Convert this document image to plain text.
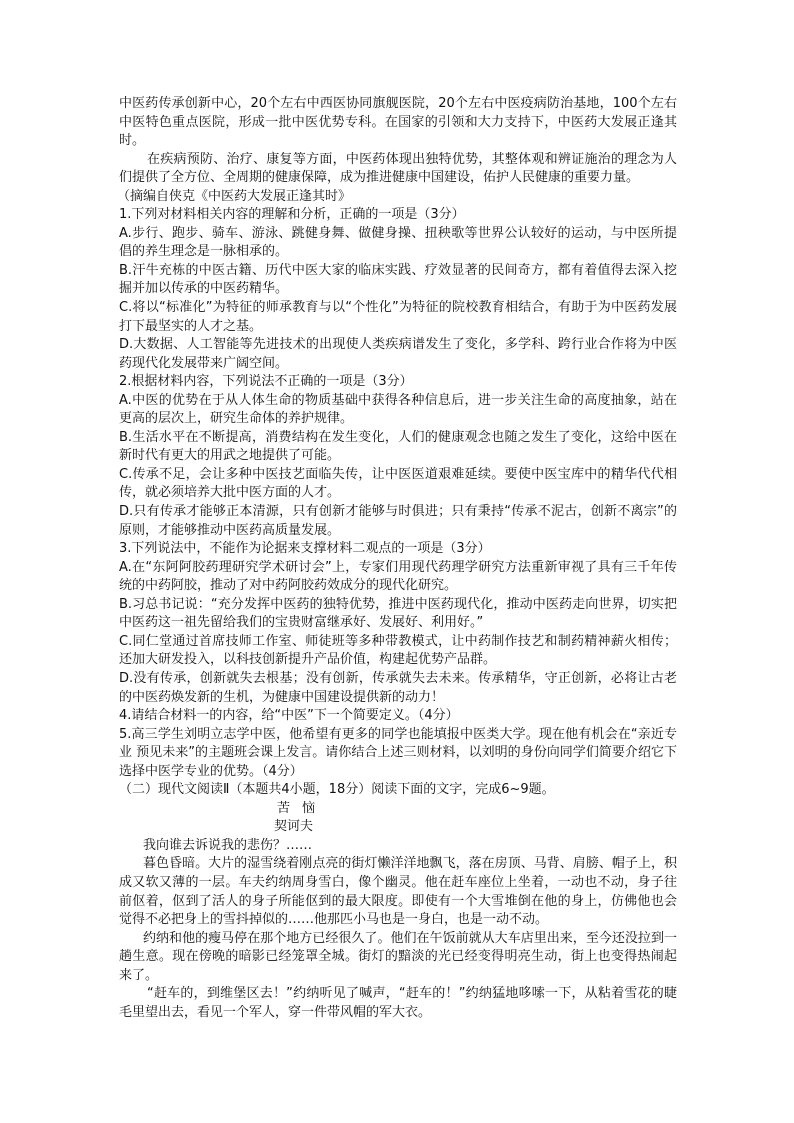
中医药传承创新中心，20个左右中西医协同旗舰医院，20个左右中医疫病防治基地，100个左右中医特色重点医院，形成一批中医优势专科。在国家的引领和大力支持下，中医药大发展正逢其时。

在疾病预防、治疗、康复等方面，中医药体现出独特优势，其整体观和辨证施治的理念为人们提供了全方位、全周期的健康保障，成为推进健康中国建设，佑护人民健康的重要力量。

（摘编自侠克《中医药大发展正逢其时》

1.下列对材料相关内容的理解和分析，正确的一项是（3分）

A.步行、跑步、骑车、游泳、跳健身舞、做健身操、扭秧歌等世界公认较好的运动，与中医所提倡的养生理念是一脉相承的。

B.汗牛充栋的中医古籍、历代中医大家的临床实践、疗效显著的民间奇方，都有着值得去深入挖掘并加以传承的中医药精华。

C.将以“标准化”为特征的师承教育与以“个性化”为特征的院校教育相结合，有助于为中医药发展打下最坚实的人才之基。

D.大数据、人工智能等先进技术的出现使人类疾病谱发生了变化，多学科、跨行业合作将为中医药现代化发展带来广阔空间。

2.根据材料内容，下列说法不正确的一项是（3分）

A.中医的优势在于从人体生命的物质基础中获得各种信息后，进一步关注生命的高度抽象，站在更高的层次上，研究生命体的养护规律。

B.生活水平在不断提高，消费结构在发生变化，人们的健康观念也随之发生了变化，这给中医在新时代有更大的用武之地提供了可能。

C.传承不足，会让多种中医技艺面临失传，让中医医道艰难延续。要使中医宝库中的精华代代相传，就必须培养大批中医方面的人才。

D.只有传承才能够正本清源，只有创新才能够与时俱进；只有秉持“传承不泥古，创新不离宗”的原则，才能够推动中医药高质量发展。

3.下列说法中，不能作为论据来支撑材料二观点的一项是（3分）

A.在“东阿阿胶药理研究学术研讨会”上，专家们用现代药理学研究方法重新审视了具有三千年传统的中药阿胶，推动了对中药阿胶药效成分的现代化研究。

B.习总书记说：“充分发挥中医药的独特优势，推进中医药现代化，推动中医药走向世界，切实把中医药这一祖先留给我们的宝贵财富继承好、发展好、利用好。”

C.同仁堂通过首席技师工作室、师徒班等多种带教模式，让中药制作技艺和制药精神薪火相传；还加大研发投入，以科技创新提升产品价值，构建起优势产品群。

D.没有传承，创新就失去根基；没有创新，传承就失去未来。传承精华，守正创新，必将让古老的中医药焕发新的生机，为健康中国建设提供新的动力！

4.请结合材料一的内容，给“中医”下一个简要定义。（4分）

5.高三学生刘明立志学中医，他希望有更多的同学也能填报中医类大学。现在他有机会在“亲近专业 预见未来”的主题班会课上发言。请你结合上述三则材料，以刘明的身份向同学们简要介绍它下选择中医学专业的优势。（4分）

（二）现代文阅读Ⅱ（本题共4小题，18分）阅读下面的文字，完成6~9题。

苦恼

契诃夫

我向谁去诉说我的悲伤？……

暮色昏暗。大片的湿雪绕着刚点亮的街灯懒洋洋地飘飞，落在房顶、马背、肩膀、帽子上，积成又软又薄的一层。车夫约纳周身雪白，像个幽灵。他在赶车座位上坐着，一动也不动，身子往前伛着，伛到了活人的身子所能伛到的最大限度。即使有一个大雪堆倒在他的身上，仿佛他也会觉得不必把身上的雪抖掉似的……他那匹小马也是一身白，也是一动不动。

约纳和他的瘦马停在那个地方已经很久了。他们在午饭前就从大车店里出来，至今还没拉到一趟生意。现在傍晚的暗影已经笼罩全城。街灯的黯淡的光已经变得明亮生动，街上也变得热闹起来了。

“赶车的，到维堡区去！”约纳听见了喊声，“赶车的！”约纳猛地哆嗦一下，从粘着雪花的睫毛里望出去，看见一个军人，穿一件带风帽的军大衣。
